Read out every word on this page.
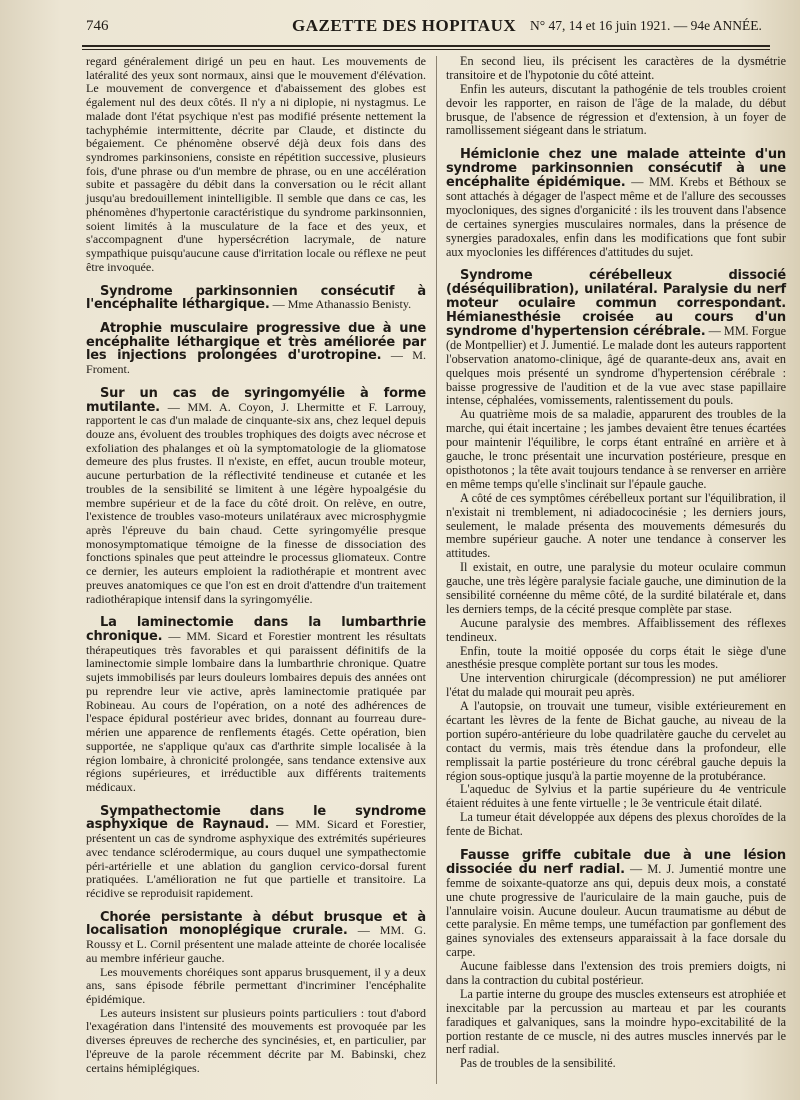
746	GAZETTE DES HOPITAUX N° 47, 14 et 16 juin 1921. — 94e ANNÉE.

regard généralement dirigé un peu en haut. Les mouvements de latéralité des yeux sont normaux, ainsi que le mouvement d'élévation. Le mouvement de convergence et d'abaissement des globes est également nul des deux côtés. Il n'y a ni diplopie, ni nystagmus. Le malade dont l'état psychique n'est pas modifié présente nettement la tachyphémie intermittente, décrite par Claude, et distincte du bégaiement. Ce phénomène observé déjà deux fois dans des syndromes parkinsoniens, consiste en répétition successive, plusieurs fois, d'une phrase ou d'un membre de phrase, ou en une accélération subite et passagère du débit dans la conversation ou le récit allant jusqu'au bredouillement inintelligible. Il semble que dans ce cas, les phénomènes d'hypertonie caractéristique du syndrome parkinsonnien, soient limités à la musculature de la face et des yeux, et s'accompagnent d'une hypersécrétion lacrymale, de nature sympathique puisqu'aucune cause d'irritation locale ou réflexe ne peut être invoquée.

Syndrome parkinsonnien consécutif à l'encéphalite léthargique. — Mme Athanassio Benisty.

Atrophie musculaire progressive due à une encéphalite léthargique et très améliorée par les injections prolongées d'urotropine. — M. Froment.

Sur un cas de syringomyélie à forme mutilante. — MM. A. Coyon, J. Lhermitte et F. Larrouy, rapportent le cas d'un malade de cinquante-six ans, chez lequel depuis douze ans, évoluent des troubles trophiques des doigts avec nécrose et exfoliation des phalanges et où la symptomatologie de la gliomatose demeure des plus frustes. Il n'existe, en effet, aucun trouble moteur, aucune perturbation de la réflectivité tendineuse et cutanée et les troubles de la sensibilité se limitent à une légère hypoalgésie du membre supérieur et de la face du côté droit. On relève, en outre, l'existence de troubles vaso-moteurs unilatéraux avec microsphygmie après l'épreuve du bain chaud. Cette syringomyélie presque monosymptomatique témoigne de la finesse de dissociation des fonctions spinales que peut atteindre le processus gliomateux. Contre ce dernier, les auteurs emploient la radiothérapie et montrent avec preuves anatomiques ce que l'on est en droit d'attendre d'un traitement radiothérapique intensif dans la syringomyélie.

La laminectomie dans la lumbarthrie chronique. — MM. Sicard et Forestier montrent les résultats thérapeutiques très favorables et qui paraissent définitifs de la laminectomie simple lombaire dans la lumbarthrie chronique. Quatre sujets immobilisés par leurs douleurs lombaires depuis des années ont pu reprendre leur vie active, après laminectomie pratiquée par Robineau. Au cours de l'opération, on a noté des adhérences de l'espace épidural postérieur avec brides, donnant au fourreau dure-mérien une apparence de renflements étagés. Cette opération, bien supportée, ne s'applique qu'aux cas d'arthrite simple localisée à la région lombaire, à chronicité prolongée, sans tendance extensive aux régions supérieures, et irréductible aux différents traitements médicaux.

Sympathectomie dans le syndrome asphyxique de Raynaud. — MM. Sicard et Forestier, présentent un cas de syndrome asphyxique des extrémités supérieures avec tendance sclérodermique, au cours duquel une sympathectomie péri-artérielle et une ablation du ganglion cervico-dorsal furent pratiquées. L'amélioration ne fut que partielle et transitoire. La récidive se reproduisit rapidement.

Chorée persistante à début brusque et à localisation monoplégique crurale. — MM. G. Roussy et L. Cornil présentent une malade atteinte de chorée localisée au membre inférieur gauche.

Les mouvements choréiques sont apparus brusquement, il y a deux ans, sans épisode fébrile permettant d'incriminer l'encéphalite épidémique.

Les auteurs insistent sur plusieurs points particuliers : tout d'abord l'exagération dans l'intensité des mouvements est provoquée par les diverses épreuves de recherche des syncinésies, et, en particulier, par l'épreuve de la parole récemment décrite par M. Babinski, chez certains hémiplégiques.

En second lieu, ils précisent les caractères de la dysmétrie transitoire et de l'hypotonie du côté atteint.

Enfin les auteurs, discutant la pathogénie de tels troubles croient devoir les rapporter, en raison de l'âge de la malade, du début brusque, de l'absence de régression et d'extension, à un foyer de ramollissement siégeant dans le striatum.

Hémiclonie chez une malade atteinte d'un syndrome parkinsonnien consécutif à une encéphalite épidémique. — MM. Krebs et Béthoux se sont attachés à dégager de l'aspect même et de l'allure des secousses myocloniques, des signes d'organicité : ils les trouvent dans l'absence de certaines synergies musculaires normales, dans la présence de synergies paradoxales, enfin dans les modifications que font subir aux myoclonies les différences d'attitudes du sujet.

Syndrome cérébelleux dissocié (déséquilibration), unilatéral. Paralysie du nerf moteur oculaire commun correspondant. Hémianesthésie croisée au cours d'un syndrome d'hypertension cérébrale. — MM. Forgue (de Montpellier) et J. Jumentié. Le malade dont les auteurs rapportent l'observation anatomo-clinique, âgé de quarante-deux ans, avait en quelques mois présenté un syndrome d'hypertension cérébrale : baisse progressive de l'audition et de la vue avec stase papillaire intense, céphalées, vomissements, ralentissement du pouls.

Au quatrième mois de sa maladie, apparurent des troubles de la marche, qui était incertaine ; les jambes devaient être tenues écartées pour maintenir l'équilibre, le corps étant entraîné en arrière et à gauche, le tronc présentait une incurvation postérieure, presque en opisthotonos ; la tête avait toujours tendance à se renverser en arrière en même temps qu'elle s'inclinait sur l'épaule gauche.

A côté de ces symptômes cérébelleux portant sur l'équilibration, il n'existait ni tremblement, ni adiadococinésie ; les derniers jours, seulement, le malade présenta des mouvements démesurés du membre supérieur gauche. A noter une tendance à conserver les attitudes.

Il existait, en outre, une paralysie du moteur oculaire commun gauche, une très légère paralysie faciale gauche, une diminution de la sensibilité cornéenne du même côté, de la surdité bilatérale et, dans les derniers temps, de la cécité presque complète par stase.

Aucune paralysie des membres. Affaiblissement des réflexes tendineux.

Enfin, toute la moitié opposée du corps était le siège d'une anesthésie presque complète portant sur tous les modes.

Une intervention chirurgicale (décompression) ne put améliorer l'état du malade qui mourait peu après.

A l'autopsie, on trouvait une tumeur, visible extérieurement en écartant les lèvres de la fente de Bichat gauche, au niveau de la portion supéro-antérieure du lobe quadrilatère gauche du cervelet au contact du vermis, mais très étendue dans la profondeur, elle remplissait la partie postérieure du tronc cérébral gauche depuis la région sous-optique jusqu'à la partie moyenne de la protubérance.

L'aqueduc de Sylvius et la partie supérieure du 4e ventricule étaient réduites à une fente virtuelle ; le 3e ventricule était dilaté.

La tumeur était développée aux dépens des plexus choroïdes de la fente de Bichat.

Fausse griffe cubitale due à une lésion dissociée du nerf radial. — M. J. Jumentié montre une femme de soixante-quatorze ans qui, depuis deux mois, a constaté une chute progressive de l'auriculaire de la main gauche, puis de l'annulaire voisin. Aucune douleur. Aucun traumatisme au début de cette paralysie. En même temps, une tuméfaction par gonflement des gaines synoviales des extenseurs apparaissait à la face dorsale du carpe.

Aucune faiblesse dans l'extension des trois premiers doigts, ni dans la contraction du cubital postérieur.

La partie interne du groupe des muscles extenseurs est atrophiée et inexcitable par la percussion au marteau et par les courants faradiques et galvaniques, sans la moindre hypo-excitabilité de la portion restante de ce muscle, ni des autres muscles innervés par le nerf radial.

Pas de troubles de la sensibilité.
